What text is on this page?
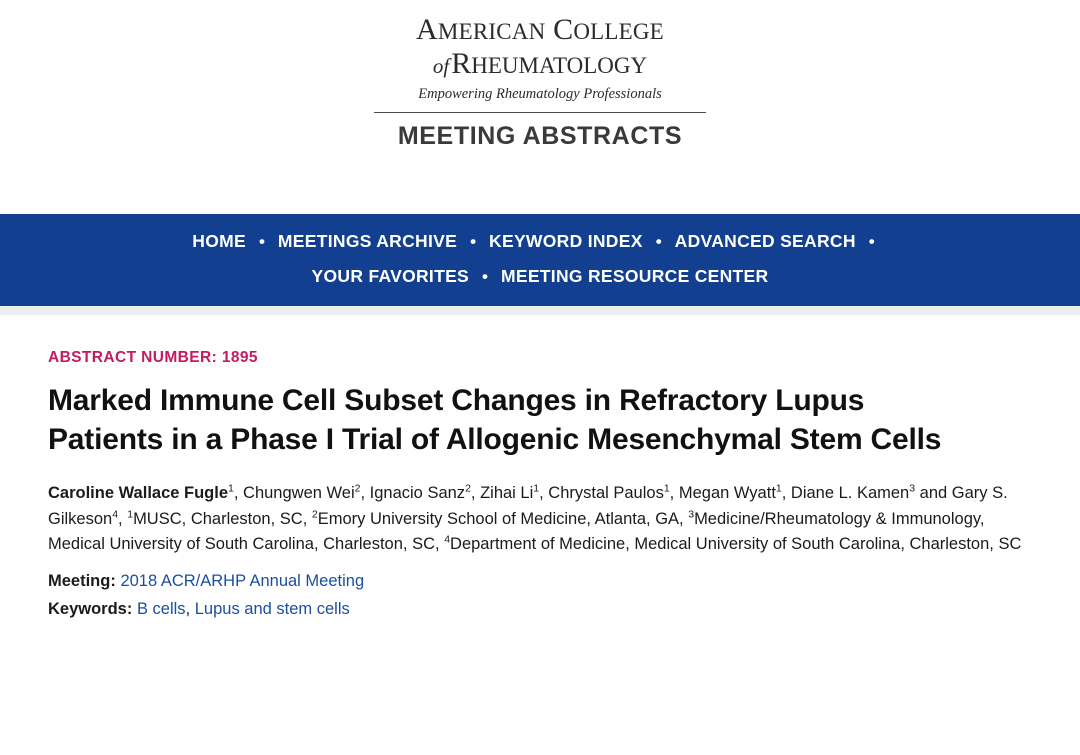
AMERICAN COLLEGE
ofRHEUMATOLOGY
Empowering Rheumatology Professionals
MEETING ABSTRACTS
HOME • MEETINGS ARCHIVE • KEYWORD INDEX • ADVANCED SEARCH •
YOUR FAVORITES • MEETING RESOURCE CENTER
ABSTRACT NUMBER: 1895
Marked Immune Cell Subset Changes in Refractory Lupus Patients in a Phase I Trial of Allogenic Mesenchymal Stem Cells
Caroline Wallace Fugle$^1$, Chungwen Wei$^2$, Ignacio Sanz$^2$, Zihai Li$^1$, Chrystal Paulos$^1$, Megan Wyatt$^1$, Diane L. Kamen$^3$ and Gary S. Gilkeson$^4$, $^1$MUSC, Charleston, SC, $^2$Emory University School of Medicine, Atlanta, GA, $^3$Medicine/Rheumatology & Immunology, Medical University of South Carolina, Charleston, SC, $^4$Department of Medicine, Medical University of South Carolina, Charleston, SC
Meeting: 2018 ACR/ARHP Annual Meeting
Keywords: B cells, Lupus and stem cells
